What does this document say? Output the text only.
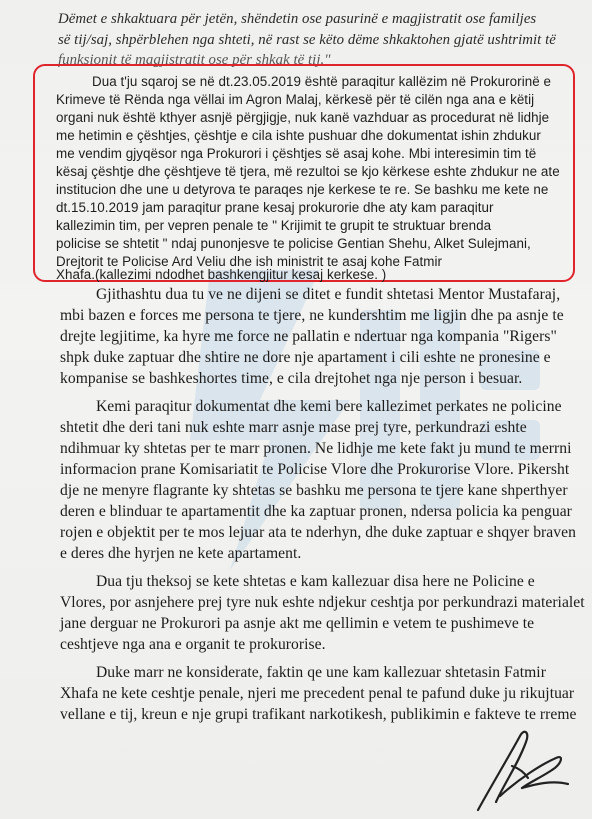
Dëmet e shkaktuara për jetën, shëndetin ose pasurinë e magjistratit ose familjes
së tij/saj, shpërblehen nga shteti, në rast se këto dëme shkaktohen gjatë ushtrimit të
funksionit të magjistratit ose për shkak të tij."
Dua t'ju sqaroj se në dt.23.05.2019 është paraqitur kallëzim në Prokurorinë e
Krimeve të Rënda nga vëllai im Agron Malaj, kërkesë për të cilën nga ana e këtij
organi nuk është kthyer asnjë përgjigje, nuk kanë vazhduar as procedurat në lidhje
me hetimin e çështjes, çështje e cila ishte pushuar dhe dokumentat ishin zhdukur
me vendim gjyqësor nga Prokurori i çështjes së asaj kohe. Mbi interesimin tim të
kësaj çështje dhe çështjeve të tjera, më rezultoi se kjo kërkese eshte zhdukur ne ate
institucion dhe une u detyrova te paraqes nje kerkese te re. Se bashku me kete ne
dt.15.10.2019 jam paraqitur prane kesaj prokurorie dhe aty kam paraqitur
kallezimin tim, per vepren penale te " Krijimit te grupit te struktuar brenda
policise se shtetit " ndaj punonjesve te policise Gentian Shehu, Alket Sulejmani,
Drejtorit te Policise Ard Veliu dhe ish ministrit te asaj kohe Fatmir
Xhafa.(kallezimi ndodhet bashkengjitur kesaj kerkese. )
Gjithashtu dua tu ve ne dijeni se ditet e fundit shtetasi Mentor Mustafaraj,
mbi bazen e forces me persona te tjere, ne kundershtim me ligjin dhe pa asnje te
drejte legjitime, ka hyre me force ne pallatin e ndertuar nga kompania "Rigers"
shpk duke zaptuar dhe shtire ne dore nje apartament i cili eshte ne pronesine e
kompanise se bashkeshortes time, e cila drejtohet nga nje person i besuar.
Kemi paraqitur dokumentat dhe kemi bere kallezimet perkates ne policine
shtetit dhe deri tani nuk eshte marr asnje mase prej tyre, perkundrazi eshte
ndihmuar ky shtetas per te marr pronen. Ne lidhje me kete fakt ju mund te merrni
informacion prane Komisariatit te Policise Vlore dhe Prokurorise Vlore. Pikersht
dje ne menyre flagrante ky shtetas se bashku me persona te tjere kane shperthyer
deren e blinduar te apartamentit dhe ka zaptuar pronen, ndersa policia ka penguar
rojen e objektit per te mos lejuar ata te nderhyn, dhe duke zaptuar e shqyer braven
e deres dhe hyrjen ne kete apartament.
Dua tju theksoj se kete shtetas e kam kallezuar disa here ne Policine e
Vlores, por asnjehere prej tyre nuk eshte ndjekur ceshtja por perkundrazi materialet
jane derguar ne Prokurori pa asnje akt me qellimin e vetem te pushimeve te
ceshtjeve nga ana e organit te prokurorise.
Duke marr ne konsiderate, faktin qe une kam kallezuar shtetasin Fatmir
Xhafa ne kete ceshtje penale, njeri me precedent penal te pafund duke ju rikujtuar
vellane e tij, kreun e nje grupi trafikant narkotikesh, publikimin e fakteve te rreme
